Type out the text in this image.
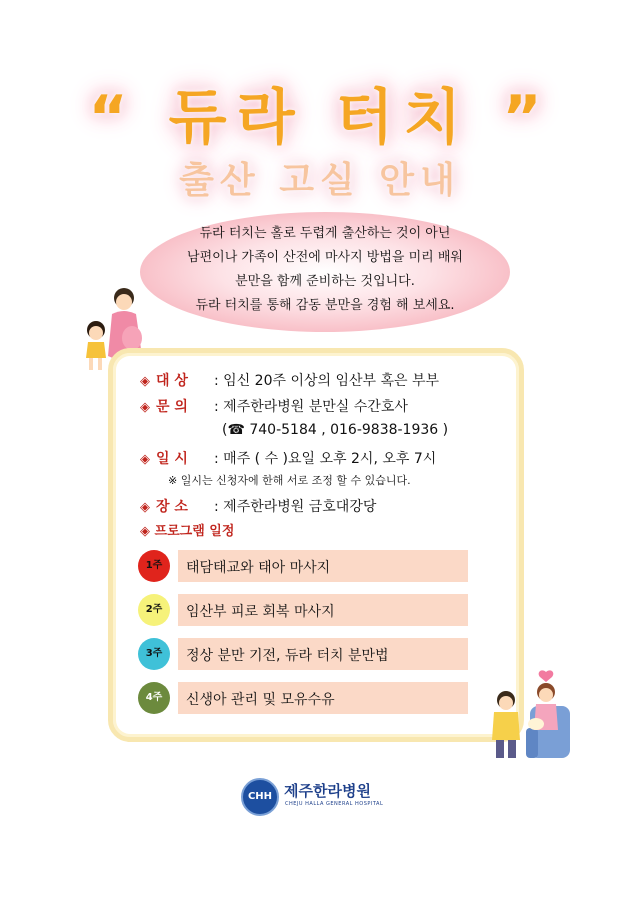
“ 듀라 터치 ”
출산 고실 안내
듀라 터치는 홀로 두렵게 출산하는 것이 아닌
남편이나 가족이 산전에 마사지 방법을 미리 배워
분만을 함께 준비하는 것입니다.
듀라 터치를 통해 감동 분만을 경험 해 보세요.
◈ 대 상 : 임신 20주 이상의 임산부 혹은 부부
◈ 문 의 : 제주한라병원 분만실 수간호사
(☎ 740-5184 , 016-9838-1936 )
◈ 일 시 : 매주 ( 수 )요일 오후 2시, 오후 7시
※ 일시는 신청자에 한해 서로 조정 할 수 있습니다.
◈ 장 소 : 제주한라병원 금호대강당
◈ 프로그램 일정
1주	태담태교와 태아 마사지
2주	임산부 피로 회복 마사지
3주	정상 분만 기전, 듀라 터치 분만법
4주	신생아 관리 및 모유수유
CHH 제주한라병원
CHEJU HALLA GENERAL HOSPITAL
